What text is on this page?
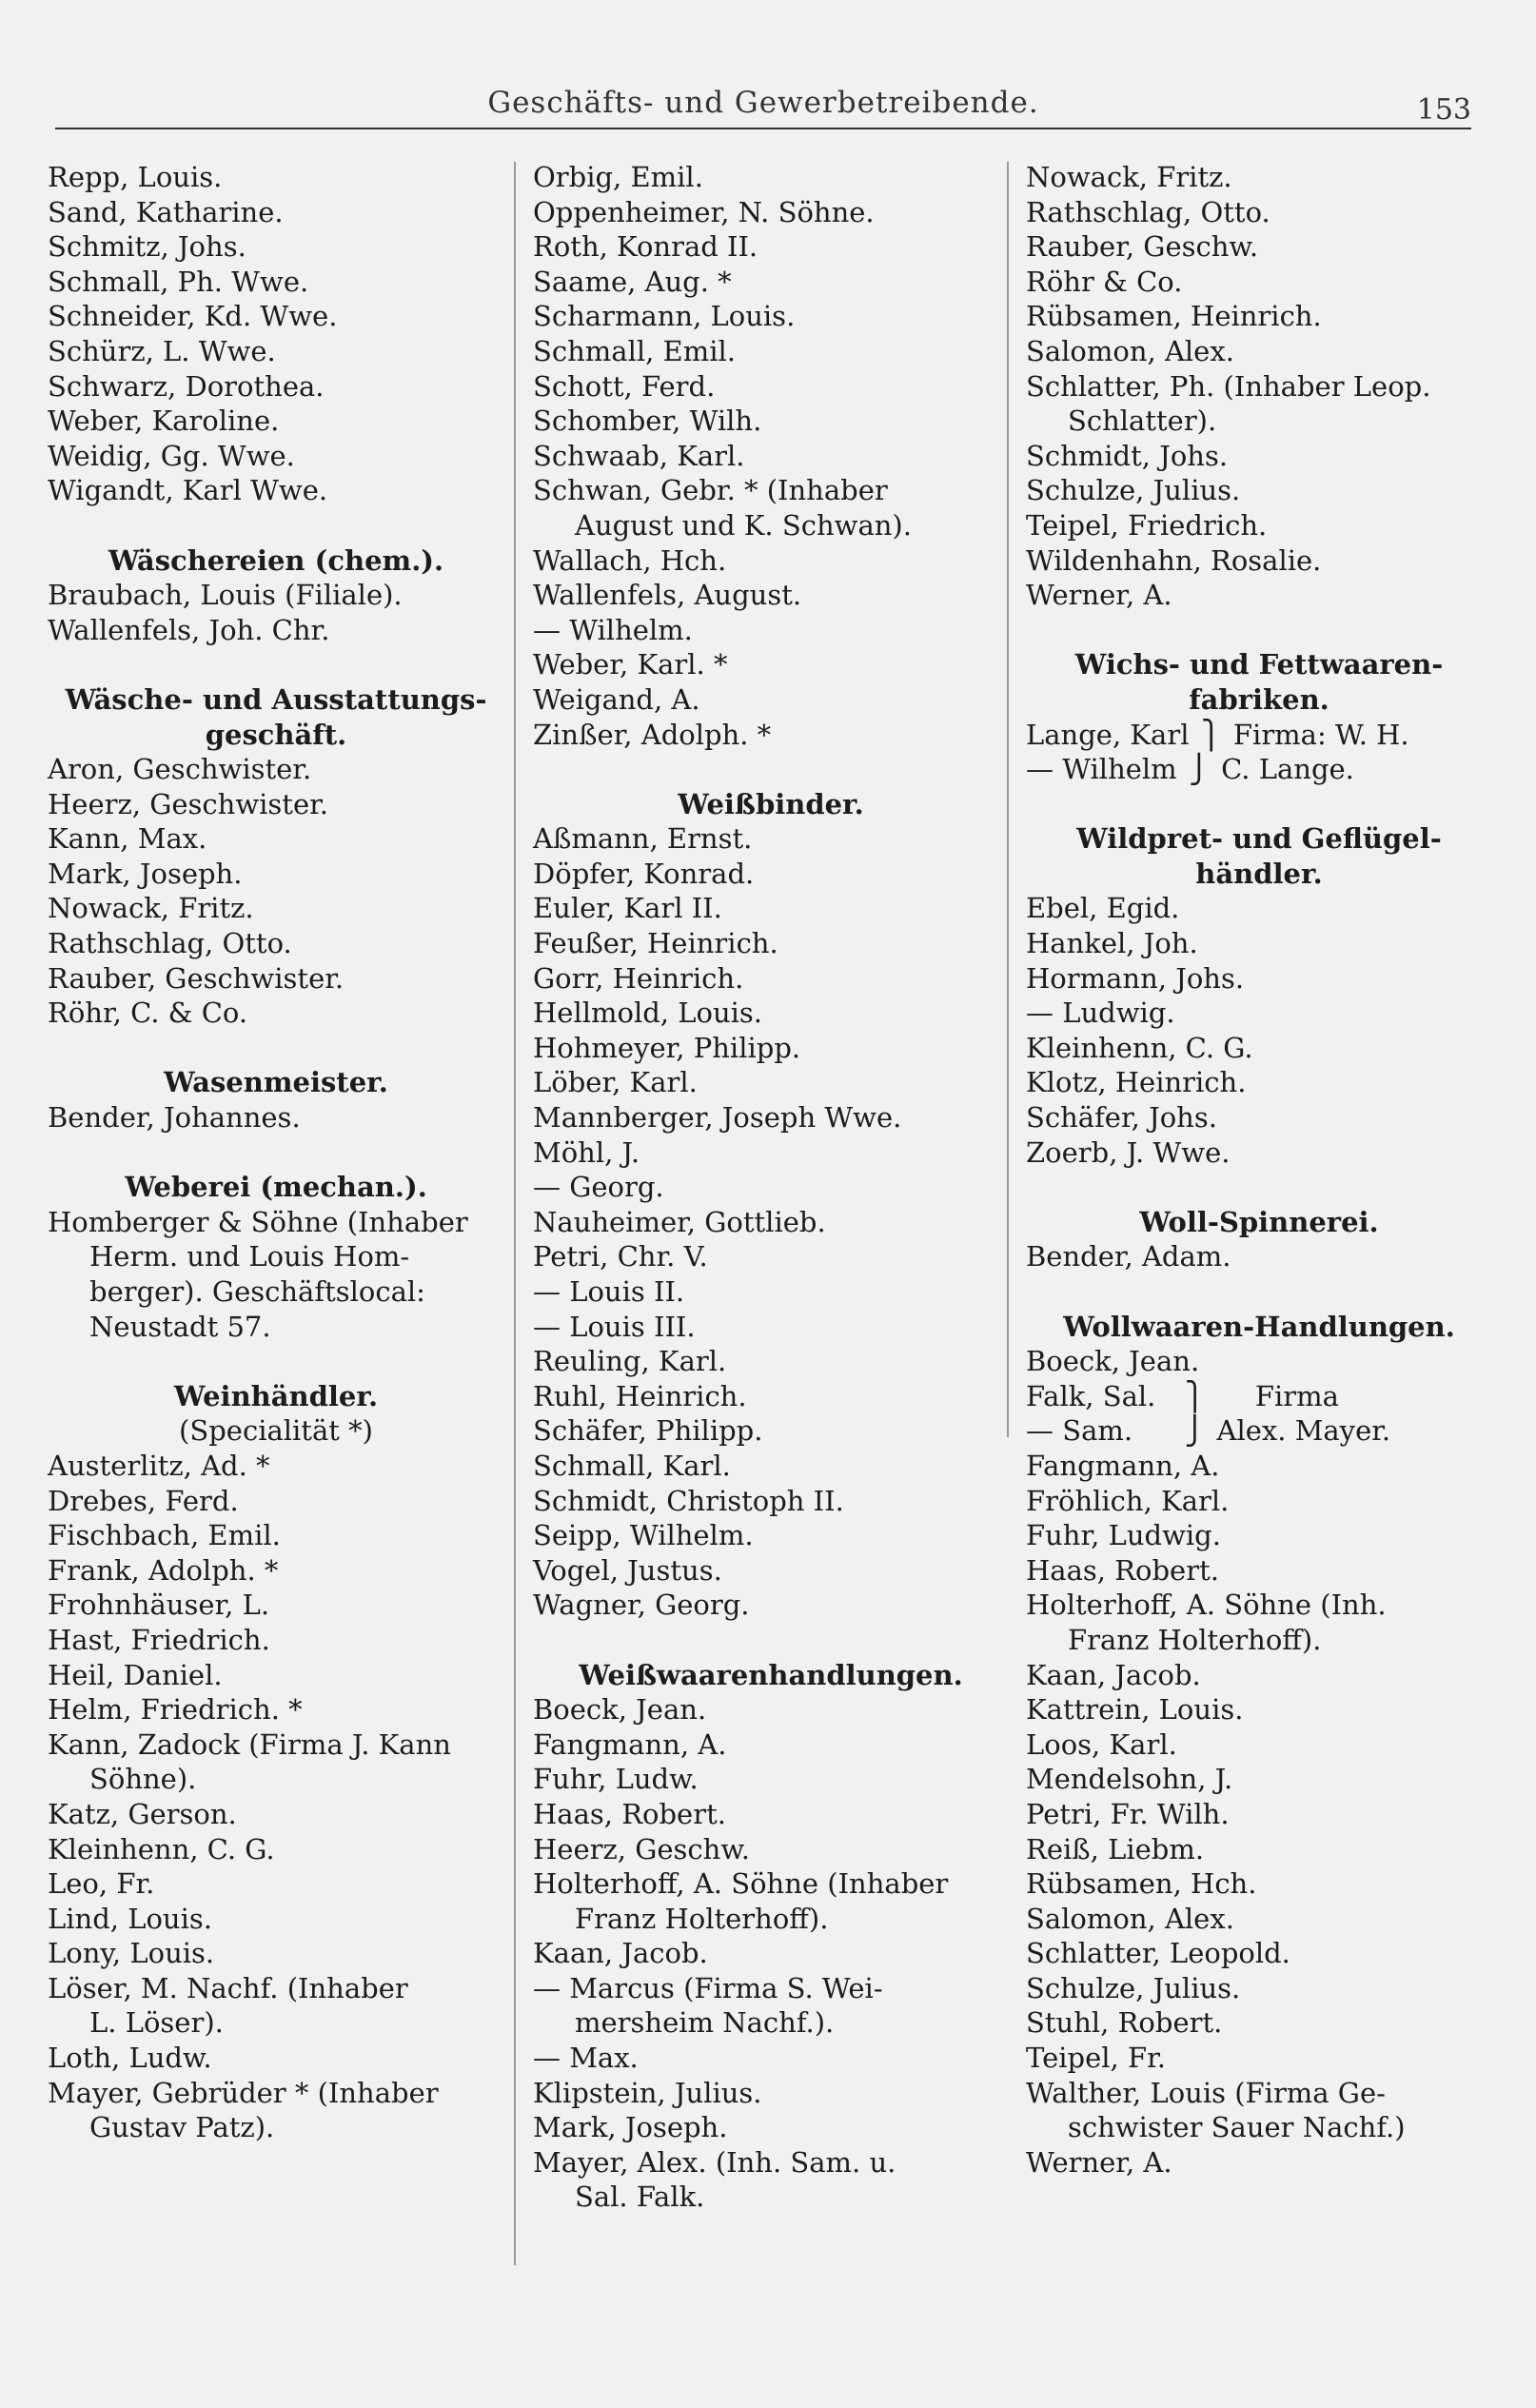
Geschäfts- und Gewerbetreibende.	153
Repp, Louis.
Sand, Katharine.
Schmitz, Johs.
Schmall, Ph. Wwe.
Schneider, Kd. Wwe.
Schürz, L. Wwe.
Schwarz, Dorothea.
Weber, Karoline.
Weidig, Gg. Wwe.
Wigandt, Karl Wwe.
Wäschereien (chem.).
Braubach, Louis (Filiale).
Wallenfels, Joh. Chr.
Wäsche- und Ausstattungs-
geschäft.
Aron, Geschwister.
Heerz, Geschwister.
Kann, Max.
Mark, Joseph.
Nowack, Fritz.
Rathschlag, Otto.
Rauber, Geschwister.
Röhr, C. & Co.
Wasenmeister.
Bender, Johannes.
Weberei (mechan.).
Homberger & Söhne (Inhaber
Herm. und Louis Hom-
berger). Geschäftslocal:
Neustadt 57.
Weinhändler.
(Specialität *)
Austerlitz, Ad. *
Drebes, Ferd.
Fischbach, Emil.
Frank, Adolph. *
Frohnhäuser, L.
Hast, Friedrich.
Heil, Daniel.
Helm, Friedrich. *
Kann, Zadock (Firma J. Kann
Söhne).
Katz, Gerson.
Kleinhenn, C. G.
Leo, Fr.
Lind, Louis.
Lony, Louis.
Löser, M. Nachf. (Inhaber
L. Löser).
Loth, Ludw.
Mayer, Gebrüder * (Inhaber
Gustav Patz).
Orbig, Emil.
Oppenheimer, N. Söhne.
Roth, Konrad II.
Saame, Aug. *
Scharmann, Louis.
Schmall, Emil.
Schott, Ferd.
Schomber, Wilh.
Schwaab, Karl.
Schwan, Gebr. * (Inhaber
August und K. Schwan).
Wallach, Hch.
Wallenfels, August.
— Wilhelm.
Weber, Karl. *
Weigand, A.
Zinßer, Adolph. *
Weißbinder.
Aßmann, Ernst.
Döpfer, Konrad.
Euler, Karl II.
Feußer, Heinrich.
Gorr, Heinrich.
Hellmold, Louis.
Hohmeyer, Philipp.
Löber, Karl.
Mannberger, Joseph Wwe.
Möhl, J.
— Georg.
Nauheimer, Gottlieb.
Petri, Chr. V.
— Louis II.
— Louis III.
Reuling, Karl.
Ruhl, Heinrich.
Schäfer, Philipp.
Schmall, Karl.
Schmidt, Christoph II.
Seipp, Wilhelm.
Vogel, Justus.
Wagner, Georg.
Weißwaarenhandlungen.
Boeck, Jean.
Fangmann, A.
Fuhr, Ludw.
Haas, Robert.
Heerz, Geschw.
Holterhoff, A. Söhne (Inhaber
Franz Holterhoff).
Kaan, Jacob.
— Marcus (Firma S. Wei-
mersheim Nachf.).
— Max.
Klipstein, Julius.
Mark, Joseph.
Mayer, Alex. (Inh. Sam. u.
Sal. Falk.
Nowack, Fritz.
Rathschlag, Otto.
Rauber, Geschw.
Röhr & Co.
Rübsamen, Heinrich.
Salomon, Alex.
Schlatter, Ph. (Inhaber Leop.
Schlatter).
Schmidt, Johs.
Schulze, Julius.
Teipel, Friedrich.
Wildenhahn, Rosalie.
Werner, A.
Wichs- und Fettwaaren-
fabriken.
Lange, Karl ⎫ Firma: W. H.
— Wilhelm ⎭ C. Lange.
Wildpret- und Geflügel-
händler.
Ebel, Egid.
Hankel, Joh.
Hormann, Johs.
— Ludwig.
Kleinhenn, C. G.
Klotz, Heinrich.
Schäfer, Johs.
Zoerb, J. Wwe.
Woll-Spinnerei.
Bender, Adam.
Wollwaaren-Handlungen.
Boeck, Jean.
Falk, Sal. ⎫ Firma
— Sam. ⎭ Alex. Mayer.
Fangmann, A.
Fröhlich, Karl.
Fuhr, Ludwig.
Haas, Robert.
Holterhoff, A. Söhne (Inh.
Franz Holterhoff).
Kaan, Jacob.
Kattrein, Louis.
Loos, Karl.
Mendelsohn, J.
Petri, Fr. Wilh.
Reiß, Liebm.
Rübsamen, Hch.
Salomon, Alex.
Schlatter, Leopold.
Schulze, Julius.
Stuhl, Robert.
Teipel, Fr.
Walther, Louis (Firma Ge-
schwister Sauer Nachf.)
Werner, A.
